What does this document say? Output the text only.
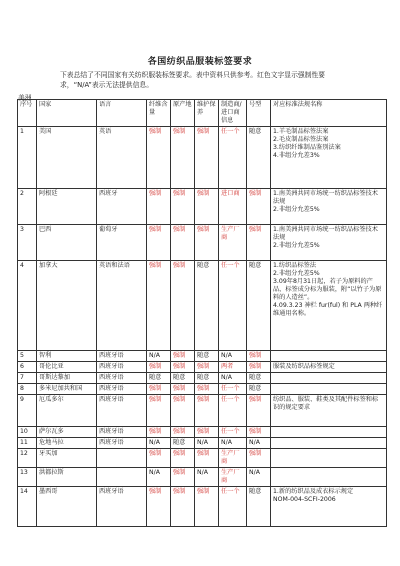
各国纺织品服装标签要求
下表总结了不同国家有关纺织服装标签要求。表中资料只供参考。红色文字显示强制性要求，“N/A”表示无法提供信息。
美洲
序号	国家	语言	纤维含量	原产地	维护保养	制造商/进口商信息	号型	对应标准法规名称
1	美国	英语	强制	强制	强制	任一个	随意	1.羊毛制品标签法案
2.毛皮制品标签法案
3.纺织纤维制品鉴别法案
4.非组分允差3%

2	阿根廷	西班牙	强制	强制	强制	进口商	强制	1.南美洲共同市场统一纺织品标签技术法规
2.非组分允差5%

3	巴西	葡萄牙	强制	强制	强制	生产厂商	强制	1.南美洲共同市场统一纺织品标签技术法规
2.非组分允差5%

4	加拿大	英语和法语	强制	强制	随意	任一个	随意	1.纺织品标签法
2.非组分允差5%
3.09年8月31日起，若子为原料的产品，标签成分标为服装，附“以竹子为原料的人造丝”。
4.09.3.23 神栏 fur(ful) 和 PLA 两种纤维通用名称。

5	智利	西班牙语	N/A	强制	随意	N/A	强制	
6	哥伦比亚	西班牙语	强制	强制	强制	两者	强制	服装及纺织品标签规定

7	哥斯达黎加	西班牙语	随意	随意	随意	N/A	随意	
8	多米尼加共和国	西班牙语	强制	强制	强制	任一个	随意	
9	厄瓜多尔	西班牙语	强制	强制	强制	任一个	强制	纺织品、服装、鞋类及其配件标签和标识的规定要求

10	萨尔瓦多	西班牙语	强制	强制	强制	任一个	强制	
11	危地马拉	西班牙语	N/A	随意	N/A	N/A	N/A	
12	牙买加		强制	强制	强制	生产厂商	强制	
13	洪都拉斯		N/A	强制	N/A	生产厂商	N/A	
14	墨西哥	西班牙语	强制	强制	强制	任一个	随意	1.新的纺织品及成衣标示规定
NOM-004-SCFI-2006
